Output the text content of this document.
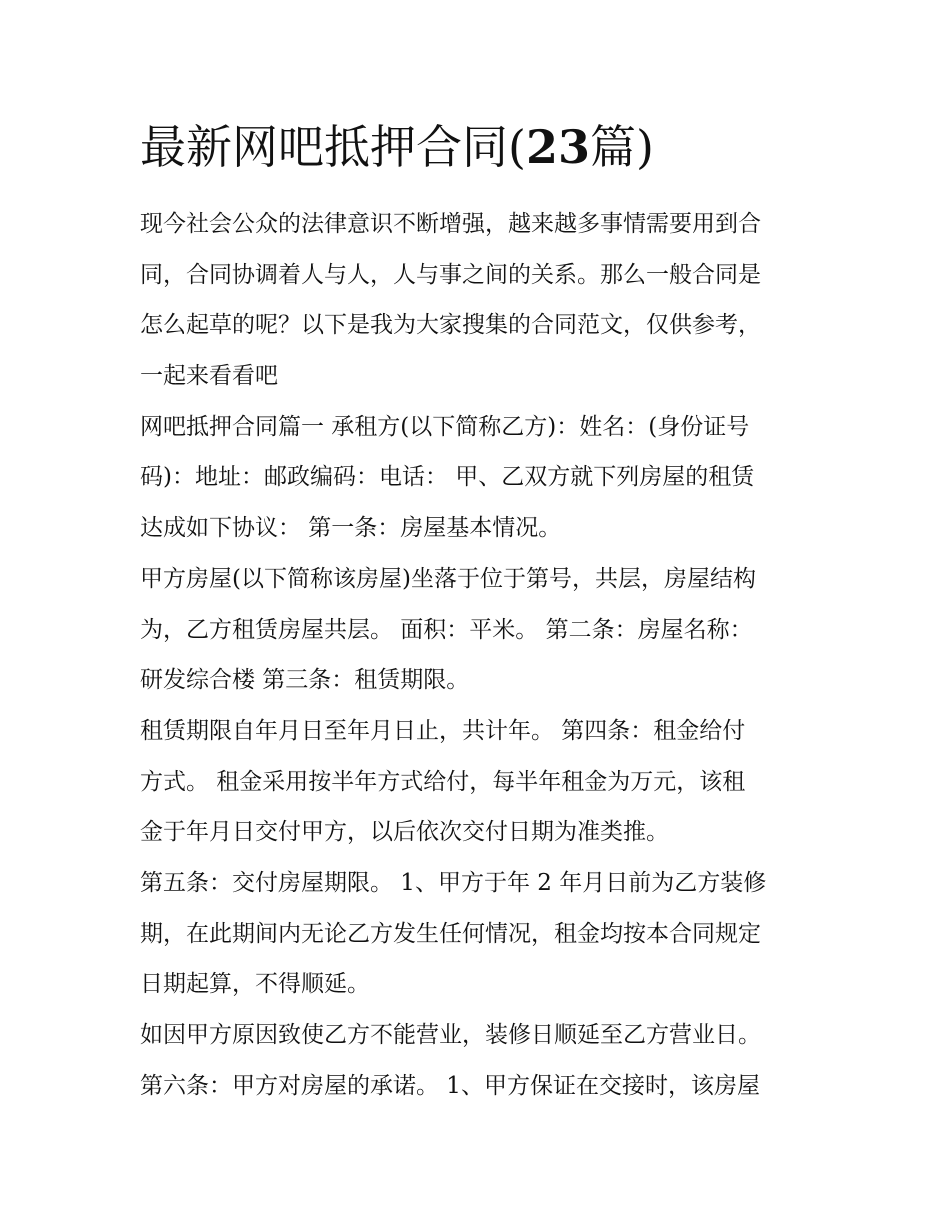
最新网吧抵押合同(23篇)

现今社会公众的法律意识不断增强，越来越多事情需要用到合
同，合同协调着人与人，人与事之间的关系。那么一般合同是
怎么起草的呢？以下是我为大家搜集的合同范文，仅供参考，
一起来看看吧

网吧抵押合同篇一 承租方(以下简称乙方)：姓名：(身份证号
码)：地址：邮政编码：电话： 甲、乙双方就下列房屋的租赁
达成如下协议： 第一条：房屋基本情况。

甲方房屋(以下简称该房屋)坐落于位于第号，共层，房屋结构
为，乙方租赁房屋共层。 面积：平米。 第二条：房屋名称：
研发综合楼 第三条：租赁期限。

租赁期限自年月日至年月日止，共计年。 第四条：租金给付
方式。 租金采用按半年方式给付，每半年租金为万元，该租
金于年月日交付甲方，以后依次交付日期为准类推。

第五条：交付房屋期限。 1、甲方于年 2 年月日前为乙方装修
期，在此期间内无论乙方发生任何情况，租金均按本合同规定
日期起算，不得顺延。

如因甲方原因致使乙方不能营业，装修日顺延至乙方营业日。
第六条：甲方对房屋的承诺。 1、甲方保证在交接时，该房屋
